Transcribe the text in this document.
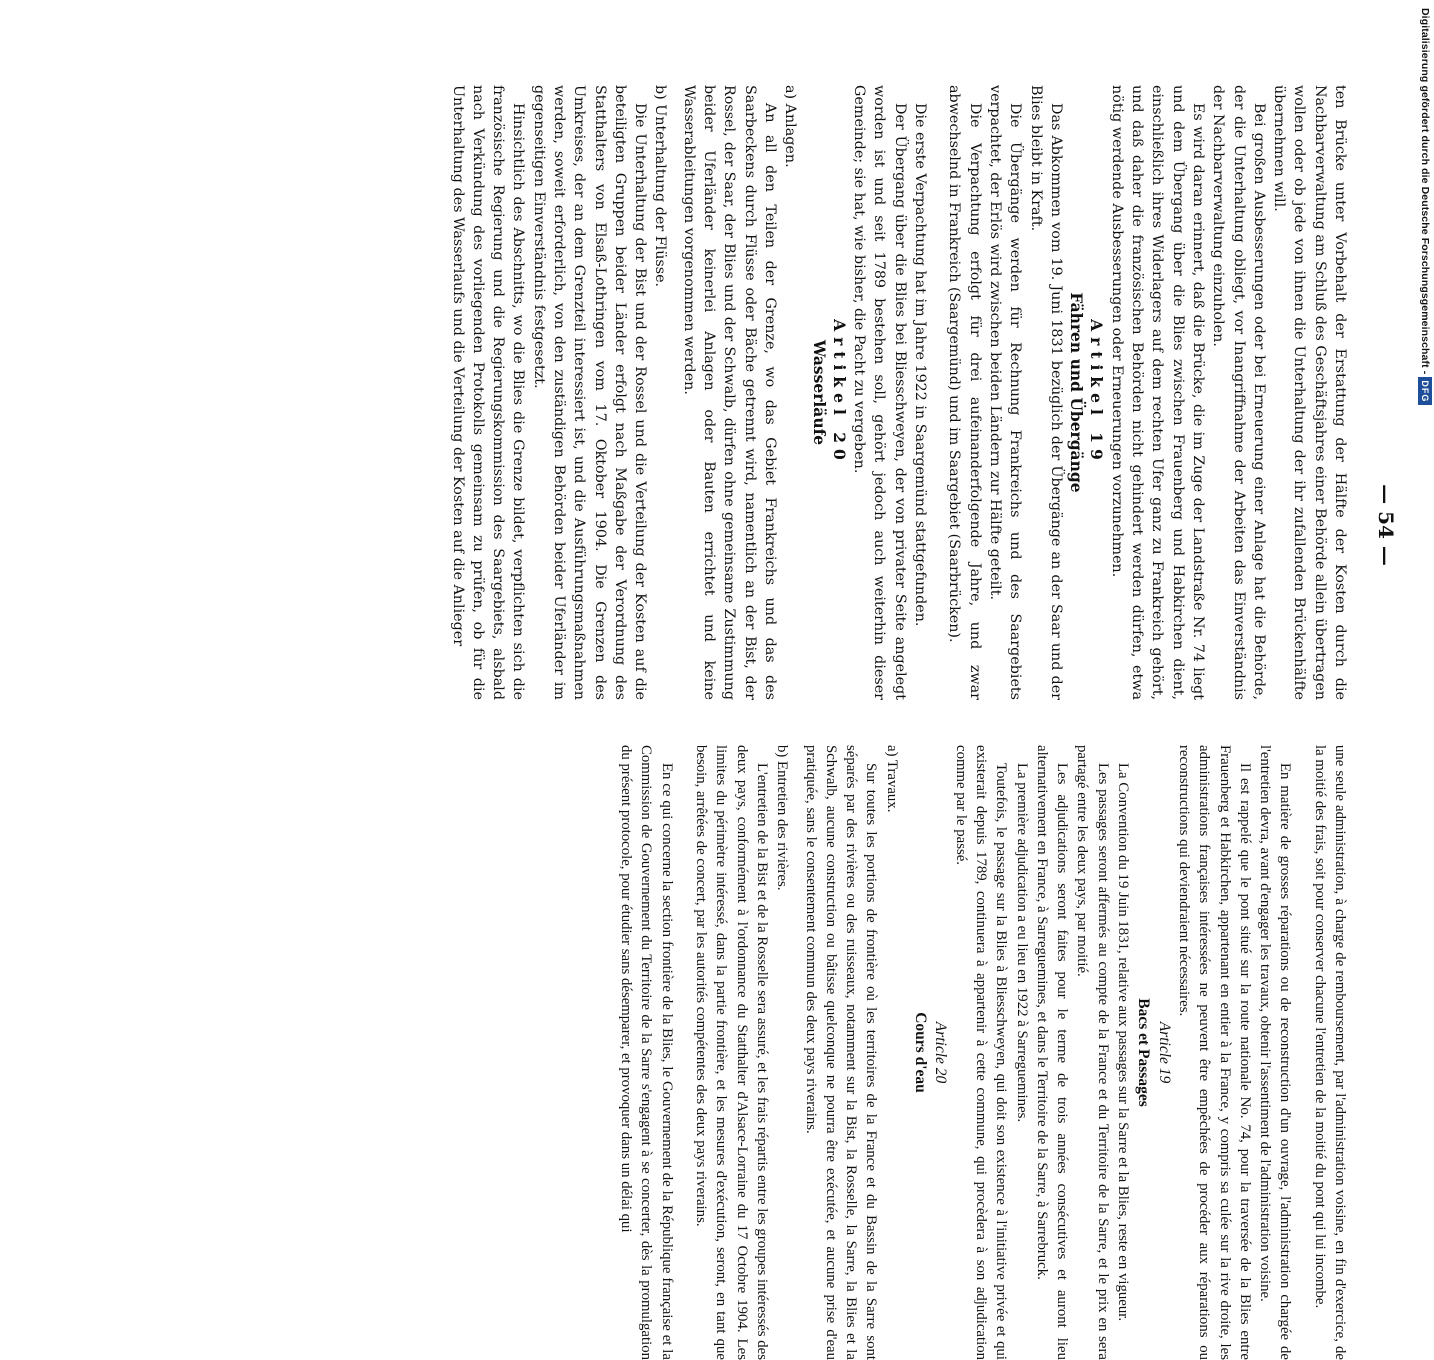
— 54 —

ten Brücke unter Vorbehalt der Erstattung der Hälfte der Kosten durch die Nachbarverwaltung am Schluß des Geschäftsjahres einer Behörde allein übertragen wollen oder ob jede von ihnen die Unterhaltung der ihr zufallenden Brückenhälfte übernehmen will.

Bei großen Ausbesserungen oder bei Erneuerung einer Anlage hat die Behörde, der die Unterhaltung obliegt, vor Inangriffnahme der Arbeiten das Einverständnis der Nachbarverwaltung einzuholen.

Es wird daran erinnert, daß die Brücke, die im Zuge der Landstraße Nr. 74 liegt und dem Übergang über die Blies zwischen Frauenberg und Habkirchen dient, einschließlich ihres Widerlagers auf dem rechten Ufer ganz zu Frankreich gehört, und daß daher die französischen Behörden nicht gehindert werden dürfen, etwa nötig werdende Ausbesserungen oder Erneuerungen vorzunehmen.

Artikel 19

Fähren und Übergänge

Das Abkommen vom 19. Juni 1831 bezüglich der Übergänge an der Saar und der Blies bleibt in Kraft.

Die Übergänge werden für Rechnung Frankreichs und des Saargebiets verpachtet, der Erlös wird zwischen beiden Ländern zur Hälfte geteilt.

Die Verpachtung erfolgt für drei aufeinanderfolgende Jahre, und zwar abwechselnd in Frankreich (Saargemünd) und im Saargebiet (Saarbrücken).

Die erste Verpachtung hat im Jahre 1922 in Saargemünd stattgefunden.

Der Übergang über die Blies bei Bliesschweyen, der von privater Seite angelegt worden ist und seit 1789 bestehen soll, gehört jedoch auch weiterhin dieser Gemeinde; sie hat, wie bisher, die Pacht zu vergeben.

Artikel 20

Wasserläufe

a) Anlagen.

An all den Teilen der Grenze, wo das Gebiet Frankreichs und das des Saarbeckens durch Flüsse oder Bäche getrennt wird, namentlich an der Bist, der Rossel, der Saar, der Blies und der Schwalb, dürfen ohne gemeinsame Zustimmung beider Uferländer keinerlei Anlagen oder Bauten errichtet und keine Wasserableitungen vorgenommen werden.

b) Unterhaltung der Flüsse.

Die Unterhaltung der Bist und der Rossel und die Verteilung der Kosten auf die beteiligten Gruppen beider Länder erfolgt nach Maßgabe der Verordnung des Statthalters von Elsaß-Lothringen vom 17. Oktober 1904. Die Grenzen des Umkreises, der an dem Grenzteil interessiert ist, und die Ausführungsmaßnahmen werden, soweit erforderlich, von den zuständigen Behörden beider Uferländer im gegenseitigen Einverständnis festgesetzt.

Hinsichtlich des Abschnitts, wo die Blies die Grenze bildet, verpflichten sich die französische Regierung und die Regierungskommission des Saargebiets, alsbald nach Verkündung des vorliegenden Protokolls gemeinsam zu prüfen, ob für die Unterhaltung des Wasserlaufs und die Verteilung der Kosten auf die Anlieger

une seule administration, à charge de remboursement, par l'administration voisine, en fin d'exercice, de la moitié des frais, soit pour conserver chacune l'entretien de la moitié du pont qui lui incombe.

En matière de grosses réparations ou de reconstruction d'un ouvrage, l'administration chargée de l'entretien devra, avant d'engager les travaux, obtenir l'assentiment de l'administration voisine.

Il est rappelé que le pont situé sur la route nationale No. 74, pour la traversée de la Blies entre Frauenberg et Habkirchen, appartenant en entier à la France, y compris sa culée sur la rive droite, les administrations françaises intéressées ne peuvent être empêchées de procéder aux réparations ou reconstructions qui deviendraient nécessaires.

Article 19

Bacs et Passages

La Convention du 19 Juin 1831, relative aux passages sur la Sarre et la Blies, reste en vigueur.

Les passages seront affermés au compte de la France et du Territoire de la Sarre, et le prix en sera partagé entre les deux pays, par moitié.

Les adjudications seront faites pour le terme de trois années consécutives et auront lieu alternativement en France, à Sarreguemines, et dans le Territoire de la Sarre, à Sarrebruck.

La première adjudication a eu lieu en 1922 à Sarreguemines.

Toutefois, le passage sur la Blies à Bliesschweyen, qui doit son existence à l'initiative privée et qui existerait depuis 1789, continuera à appartenir à cette commune, qui procèdera à son adjudication comme par le passé.

Article 20

Cours d'eau

a) Travaux.

Sur toutes les portions de frontière où les territoires de la France et du Bassin de la Sarre sont séparés par des rivières ou des ruisseaux, notamment sur la Bist, la Rosselle, la Sarre, la Blies et la Schwalb, aucune construction ou bâtisse quelconque ne pourra être exécutée, et aucune prise d'eau pratiquée, sans le consentement commun des deux pays riverains.

b) Entretien des rivières.

L'entretien de la Bist et de la Rosselle sera assuré, et les frais répartis entre les groupes intéressés des deux pays, conformément à l'ordonnance du Statthalter d'Alsace-Lorraine du 17 Octobre 1904. Les limites du périmètre intéressé, dans la partie frontière, et les mesures d'exécution, seront, en tant que besoin, arrêtées de concert, par les autorités compétentes des deux pays riverains.

En ce qui concerne la section frontière de la Blies, le Gouvernement de la République française et la Commission de Gouvernement du Territoire de la Sarre s'engagent à se concerter, dès la promulgation du présent protocole, pour étudier sans désemparer, et provoquer dans un délai qui

Digitalisierung gefördert durch die Deutsche Forschungsgemeinschaft - DFG
